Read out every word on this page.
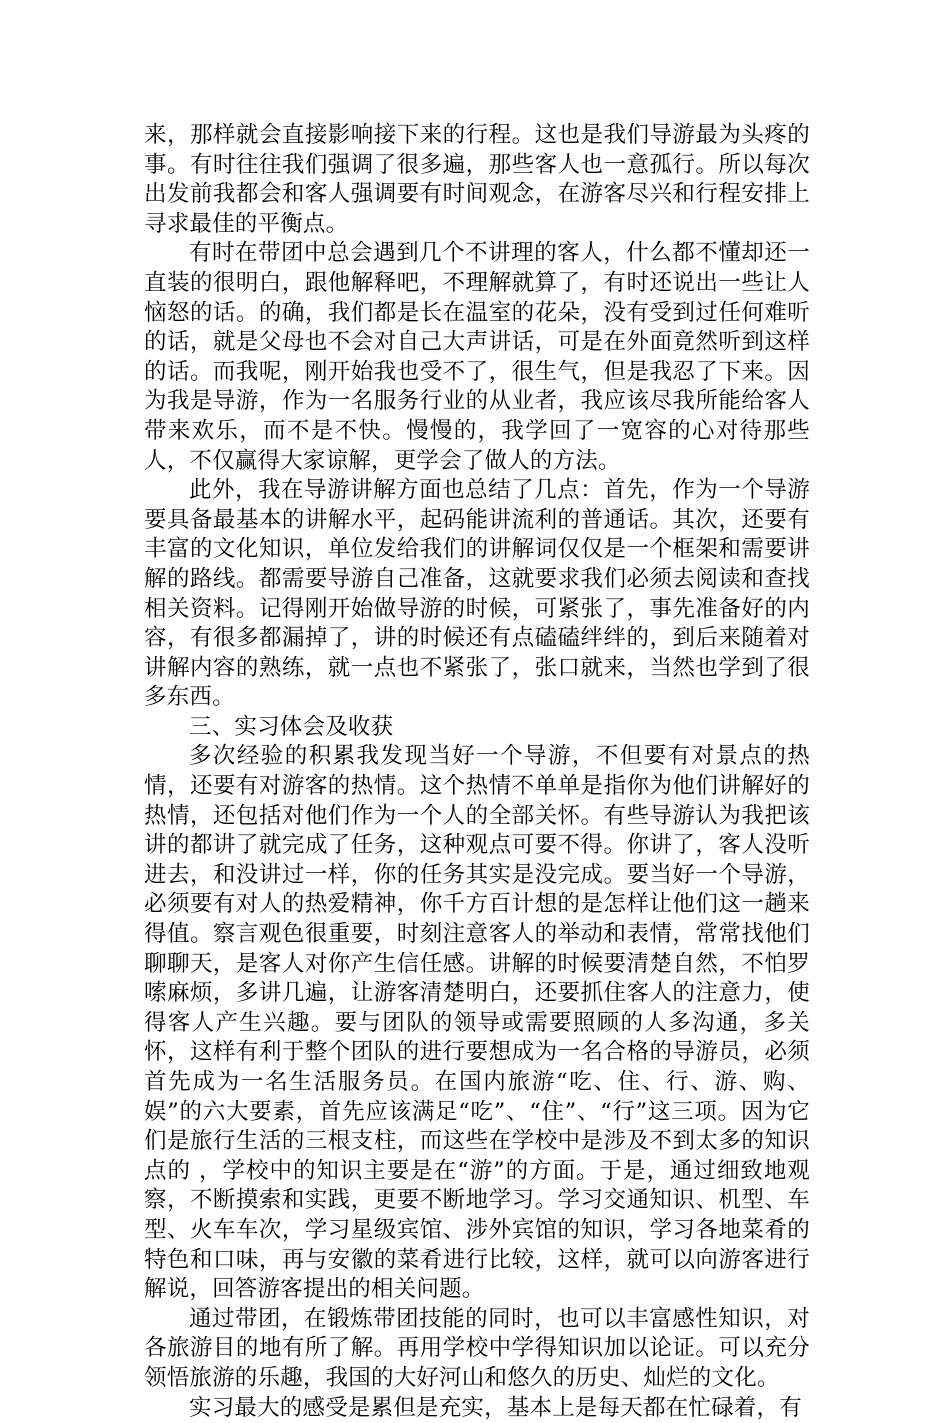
来，那样就会直接影响接下来的行程。这也是我们导游最为头疼的事。有时往往我们强调了很多遍，那些客人也一意孤行。所以每次出发前我都会和客人强调要有时间观念，在游客尽兴和行程安排上寻求最佳的平衡点。

有时在带团中总会遇到几个不讲理的客人，什么都不懂却还一直装的很明白，跟他解释吧，不理解就算了，有时还说出一些让人恼怒的话。的确，我们都是长在温室的花朵，没有受到过任何难听的话，就是父母也不会对自己大声讲话，可是在外面竟然听到这样的话。而我呢，刚开始我也受不了，很生气，但是我忍了下来。因为我是导游，作为一名服务行业的从业者，我应该尽我所能给客人带来欢乐，而不是不快。慢慢的，我学回了一宽容的心对待那些人，不仅赢得大家谅解，更学会了做人的方法。

此外，我在导游讲解方面也总结了几点：首先，作为一个导游要具备最基本的讲解水平，起码能讲流利的普通话。其次，还要有丰富的文化知识，单位发给我们的讲解词仅仅是一个框架和需要讲解的路线。都需要导游自己准备，这就要求我们必须去阅读和查找相关资料。记得刚开始做导游的时候，可紧张了，事先准备好的内容，有很多都漏掉了，讲的时候还有点磕磕绊绊的，到后来随着对讲解内容的熟练，就一点也不紧张了，张口就来，当然也学到了很多东西。

三、实习体会及收获

多次经验的积累我发现当好一个导游，不但要有对景点的热情，还要有对游客的热情。这个热情不单单是指你为他们讲解好的热情，还包括对他们作为一个人的全部关怀。有些导游认为我把该讲的都讲了就完成了任务，这种观点可要不得。你讲了，客人没听进去，和没讲过一样，你的任务其实是没完成。要当好一个导游，必须要有对人的热爱精神，你千方百计想的是怎样让他们这一趟来得值。察言观色很重要，时刻注意客人的举动和表情，常常找他们聊聊天，是客人对你产生信任感。讲解的时候要清楚自然，不怕罗嗦麻烦，多讲几遍，让游客清楚明白，还要抓住客人的注意力，使得客人产生兴趣。要与团队的领导或需要照顾的人多沟通，多关怀，这样有利于整个团队的进行要想成为一名合格的导游员，必须首先成为一名生活服务员。在国内旅游“吃、住、行、游、购、娱”的六大要素，首先应该满足“吃”、“住”、“行”这三项。因为它们是旅行生活的三根支柱，而这些在学校中是涉及不到太多的知识点的 ，学校中的知识主要是在“游”的方面。于是，通过细致地观察，不断摸索和实践，更要不断地学习。学习交通知识、机型、车型、火车车次，学习星级宾馆、涉外宾馆的知识，学习各地菜肴的特色和口味，再与安徽的菜肴进行比较，这样，就可以向游客进行解说，回答游客提出的相关问题。

通过带团，在锻炼带团技能的同时，也可以丰富感性知识，对各旅游目的地有所了解。再用学校中学得知识加以论证。可以充分领悟旅游的乐趣，我国的大好河山和悠久的历史、灿烂的文化。

实习最大的感受是累但是充实，基本上是每天都在忙碌着，有
